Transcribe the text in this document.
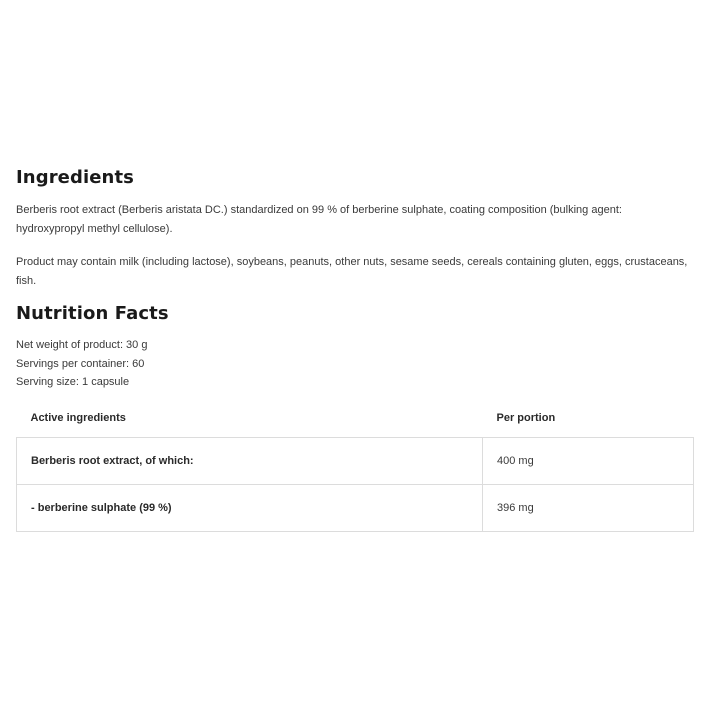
Ingredients

Berberis root extract (Berberis aristata DC.) standardized on 99 % of berberine sulphate, coating composition (bulking agent: hydroxypropyl methyl cellulose).

Product may contain milk (including lactose), soybeans, peanuts, other nuts, sesame seeds, cereals containing gluten, eggs, crustaceans, fish.

Nutrition Facts

Net weight of product: 30 g

Servings per container: 60

Serving size: 1 capsule

Active ingredients	Per portion
Berberis root extract, of which:	400 mg
- berberine sulphate (99 %)	396 mg
